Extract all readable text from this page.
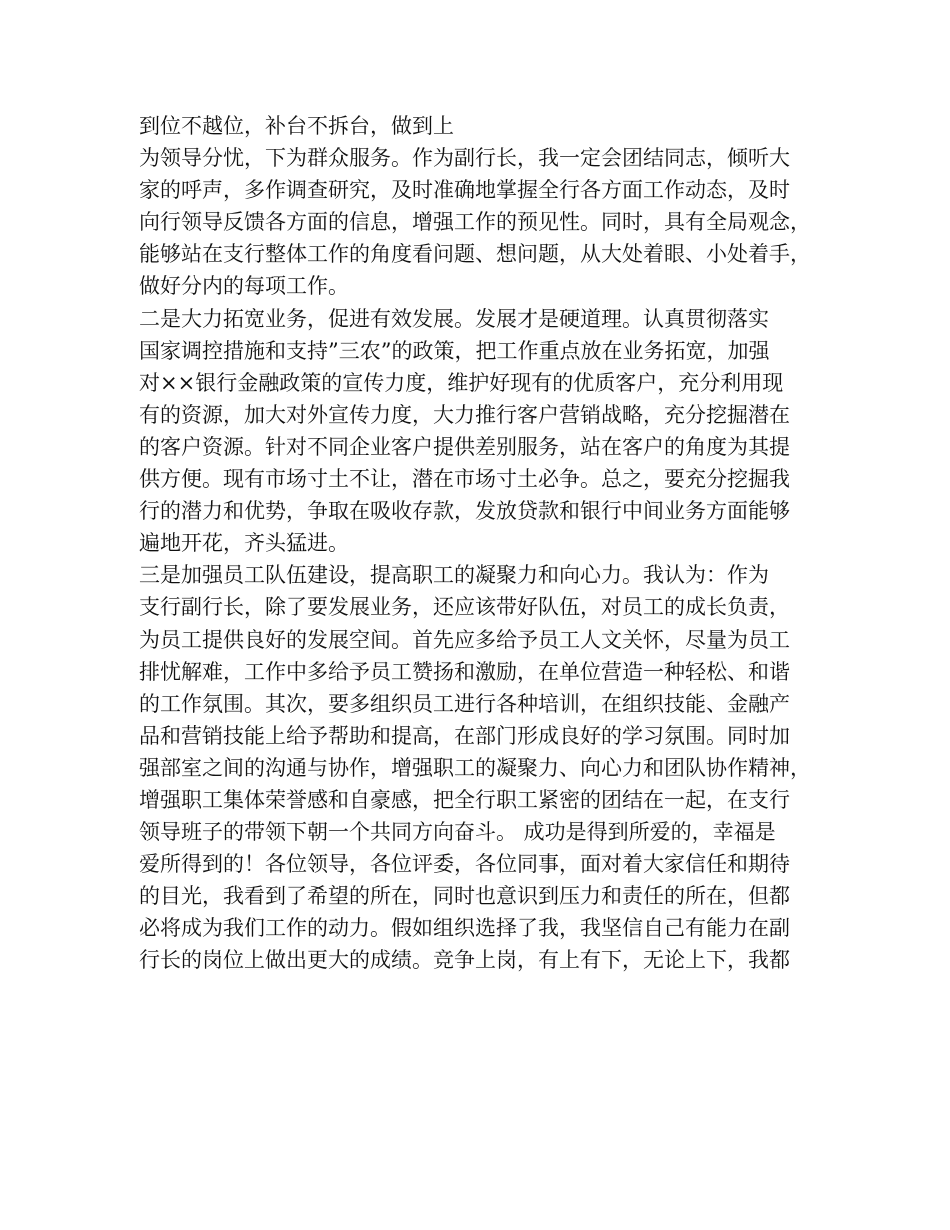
到位不越位，补台不拆台，做到上
为领导分忧，下为群众服务。作为副行长，我一定会团结同志，倾听大
家的呼声，多作调查研究，及时准确地掌握全行各方面工作动态，及时
向行领导反馈各方面的信息，增强工作的预见性。同时，具有全局观念，
能够站在支行整体工作的角度看问题、想问题，从大处着眼、小处着手，
做好分内的每项工作。
二是大力拓宽业务，促进有效发展。发展才是硬道理。认真贯彻落实
国家调控措施和支持”三农”的政策，把工作重点放在业务拓宽，加强
对××银行金融政策的宣传力度，维护好现有的优质客户，充分利用现
有的资源，加大对外宣传力度，大力推行客户营销战略，充分挖掘潜在
的客户资源。针对不同企业客户提供差别服务，站在客户的角度为其提
供方便。现有市场寸土不让，潜在市场寸土必争。总之，要充分挖掘我
行的潜力和优势，争取在吸收存款，发放贷款和银行中间业务方面能够
遍地开花，齐头猛进。
三是加强员工队伍建设，提高职工的凝聚力和向心力。我认为：作为
支行副行长，除了要发展业务，还应该带好队伍，对员工的成长负责，
为员工提供良好的发展空间。首先应多给予员工人文关怀，尽量为员工
排忧解难，工作中多给予员工赞扬和激励，在单位营造一种轻松、和谐
的工作氛围。其次，要多组织员工进行各种培训，在组织技能、金融产
品和营销技能上给予帮助和提高，在部门形成良好的学习氛围。同时加
强部室之间的沟通与协作，增强职工的凝聚力、向心力和团队协作精神，
增强职工集体荣誉感和自豪感，把全行职工紧密的团结在一起，在支行
领导班子的带领下朝一个共同方向奋斗。 成功是得到所爱的，幸福是
爱所得到的！各位领导，各位评委，各位同事，面对着大家信任和期待
的目光，我看到了希望的所在，同时也意识到压力和责任的所在，但都
必将成为我们工作的动力。假如组织选择了我，我坚信自己有能力在副
行长的岗位上做出更大的成绩。竞争上岗，有上有下，无论上下，我都
